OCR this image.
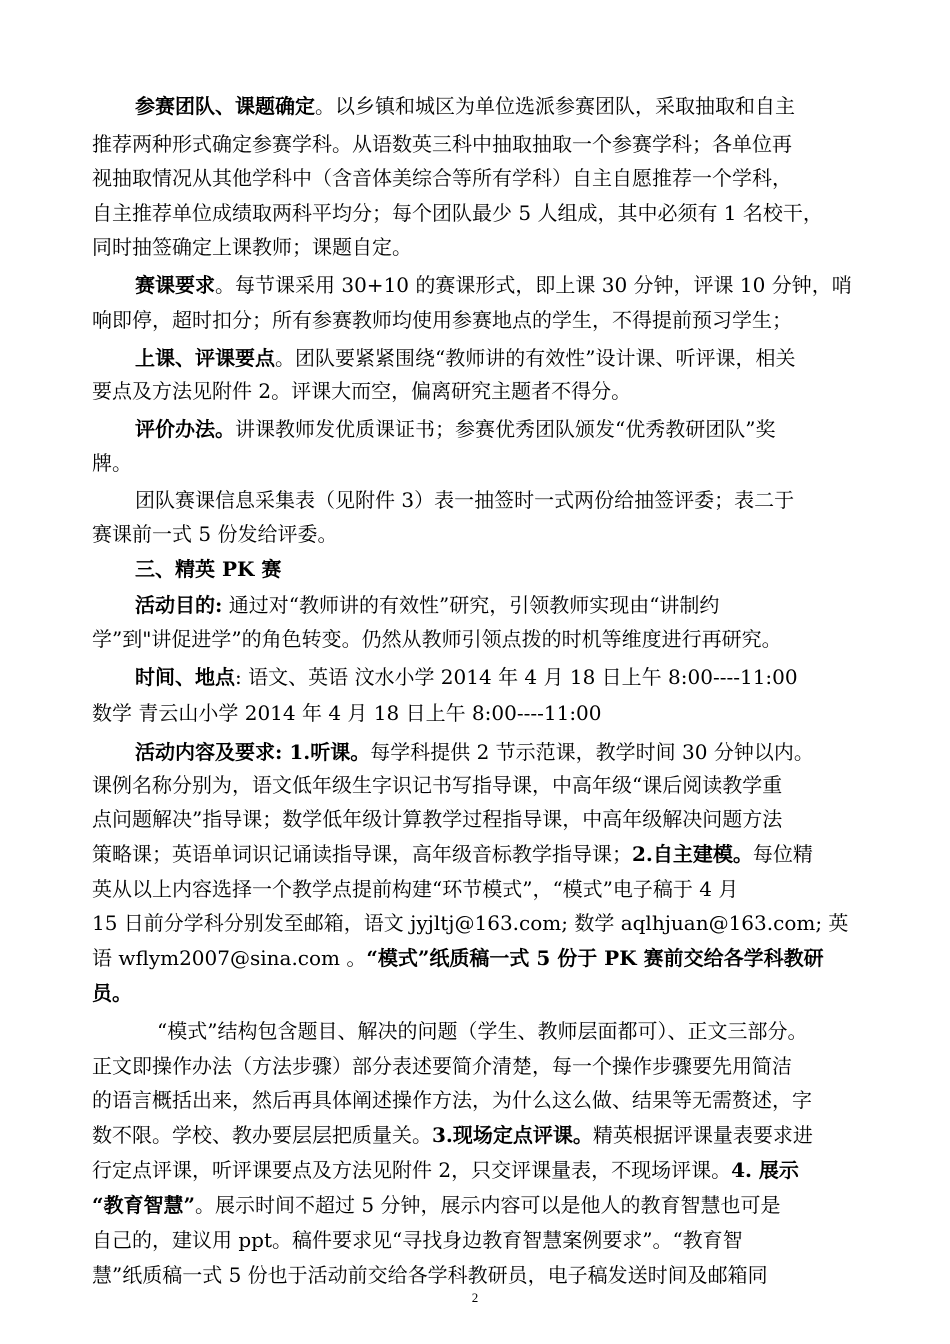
参赛团队、课题确定。以乡镇和城区为单位选派参赛团队，采取抽取和自主
推荐两种形式确定参赛学科。从语数英三科中抽取抽取一个参赛学科；各单位再
视抽取情况从其他学科中（含音体美综合等所有学科）自主自愿推荐一个学科，
自主推荐单位成绩取两科平均分；每个团队最少 5 人组成，其中必须有 1 名校干，
同时抽签确定上课教师；课题自定。
赛课要求。每节课采用 30+10 的赛课形式，即上课 30 分钟，评课 10 分钟，哨
响即停，超时扣分；所有参赛教师均使用参赛地点的学生，不得提前预习学生；
上课、评课要点。团队要紧紧围绕“教师讲的有效性”设计课、听评课，相关
要点及方法见附件 2。评课大而空，偏离研究主题者不得分。
评价办法。讲课教师发优质课证书；参赛优秀团队颁发“优秀教研团队”奖
牌。
团队赛课信息采集表（见附件 3）表一抽签时一式两份给抽签评委；表二于
赛课前一式 5 份发给评委。
三、精英 PK 赛
活动目的: 通过对“教师讲的有效性”研究，引领教师实现由“讲制约
学”到"讲促进学”的角色转变。仍然从教师引领点拨的时机等维度进行再研究。
时间、地点: 语文、英语 汶水小学 2014 年 4 月 18 日上午 8:00----11:00
数学 青云山小学 2014 年 4 月 18 日上午 8:00----11:00
活动内容及要求: 1.听课。每学科提供 2 节示范课，教学时间 30 分钟以内。
课例名称分别为，语文低年级生字识记书写指导课，中高年级“课后阅读教学重
点问题解决”指导课；数学低年级计算教学过程指导课，中高年级解决问题方法
策略课；英语单词识记诵读指导课，高年级音标教学指导课；2.自主建模。每位精
英从以上内容选择一个教学点提前构建“环节模式”，“模式”电子稿于 4 月
15 日前分学科分别发至邮箱，语文 jyjltj@163.com; 数学 aqlhjuan@163.com; 英
语 wflym2007@sina.com 。“模式”纸质稿一式 5 份于 PK 赛前交给各学科教研
员。
“模式”结构包含题目、解决的问题（学生、教师层面都可）、正文三部分。
正文即操作办法（方法步骤）部分表述要简介清楚，每一个操作步骤要先用简洁
的语言概括出来，然后再具体阐述操作方法，为什么这么做、结果等无需赘述，字
数不限。学校、教办要层层把质量关。3.现场定点评课。精英根据评课量表要求进
行定点评课，听评课要点及方法见附件 2，只交评课量表，不现场评课。4. 展示
“教育智慧”。展示时间不超过 5 分钟，展示内容可以是他人的教育智慧也可是
自己的，建议用 ppt。稿件要求见“寻找身边教育智慧案例要求”。“教育智
慧”纸质稿一式 5 份也于活动前交给各学科教研员，电子稿发送时间及邮箱同
2
